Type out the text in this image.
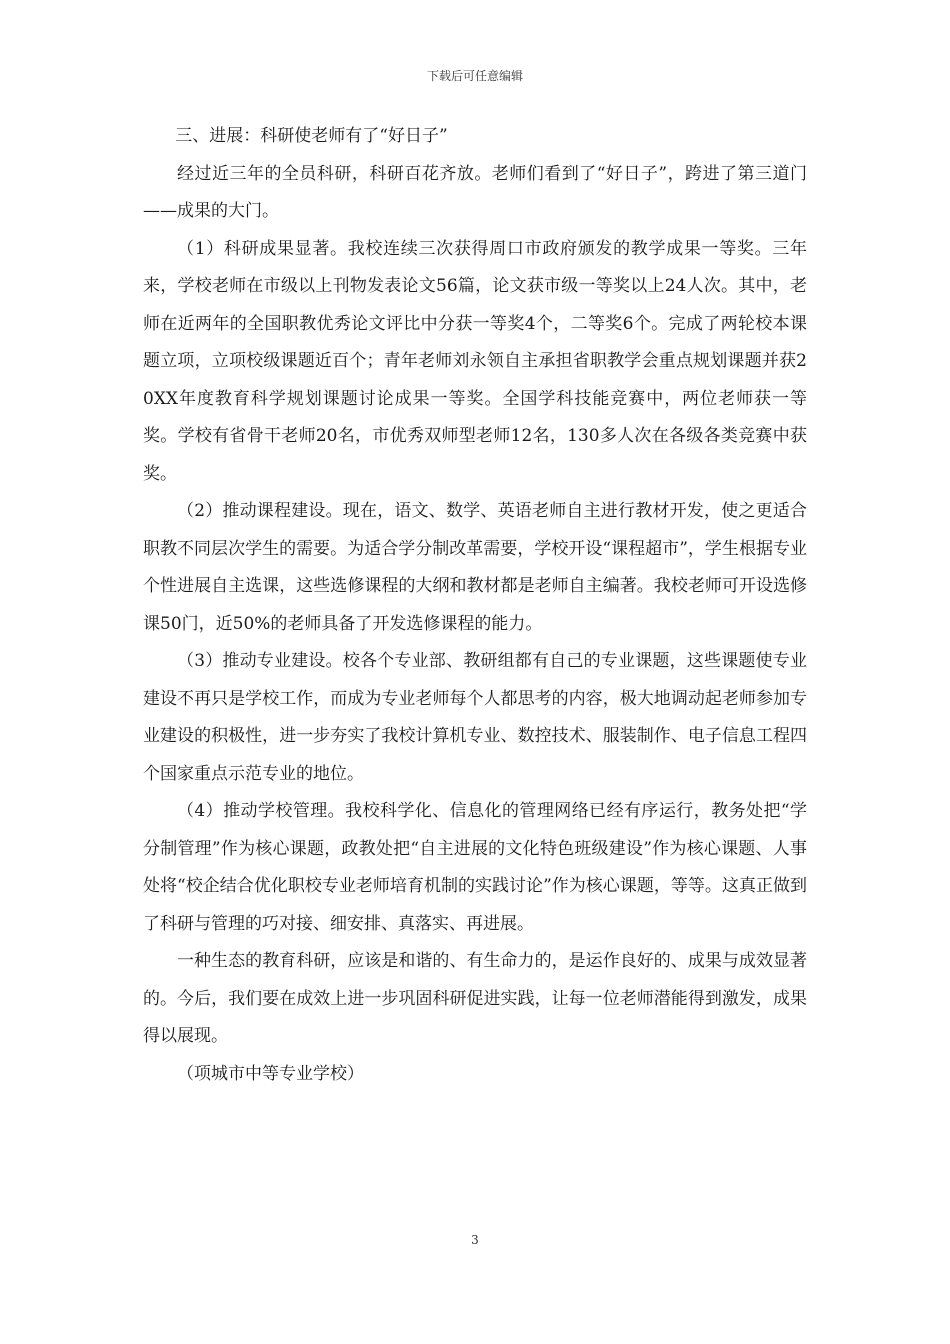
下载后可任意编辑

三、进展：科研使老师有了“好日子”

经过近三年的全员科研，科研百花齐放。老师们看到了“好日子”，跨进了第三道门——成果的大门。

（1）科研成果显著。我校连续三次获得周口市政府颁发的教学成果一等奖。三年来，学校老师在市级以上刊物发表论文56篇，论文获市级一等奖以上24人次。其中，老师在近两年的全国职教优秀论文评比中分获一等奖4个，二等奖6个。完成了两轮校本课题立项，立项校级课题近百个；青年老师刘永领自主承担省职教学会重点规划课题并获20XX年度教育科学规划课题讨论成果一等奖。全国学科技能竞赛中，两位老师获一等奖。学校有省骨干老师20名，市优秀双师型老师12名，130多人次在各级各类竞赛中获奖。

（2）推动课程建设。现在，语文、数学、英语老师自主进行教材开发，使之更适合职教不同层次学生的需要。为适合学分制改革需要，学校开设“课程超市”，学生根据专业个性进展自主选课，这些选修课程的大纲和教材都是老师自主编著。我校老师可开设选修课50门，近50%的老师具备了开发选修课程的能力。

（3）推动专业建设。校各个专业部、教研组都有自己的专业课题，这些课题使专业建设不再只是学校工作，而成为专业老师每个人都思考的内容，极大地调动起老师参加专业建设的积极性，进一步夯实了我校计算机专业、数控技术、服装制作、电子信息工程四个国家重点示范专业的地位。

（4）推动学校管理。我校科学化、信息化的管理网络已经有序运行，教务处把“学分制管理”作为核心课题，政教处把“自主进展的文化特色班级建设”作为核心课题、人事处将“校企结合优化职校专业老师培育机制的实践讨论”作为核心课题，等等。这真正做到了科研与管理的巧对接、细安排、真落实、再进展。

一种生态的教育科研，应该是和谐的、有生命力的，是运作良好的、成果与成效显著的。今后，我们要在成效上进一步巩固科研促进实践，让每一位老师潜能得到激发，成果得以展现。

（项城市中等专业学校）

3
